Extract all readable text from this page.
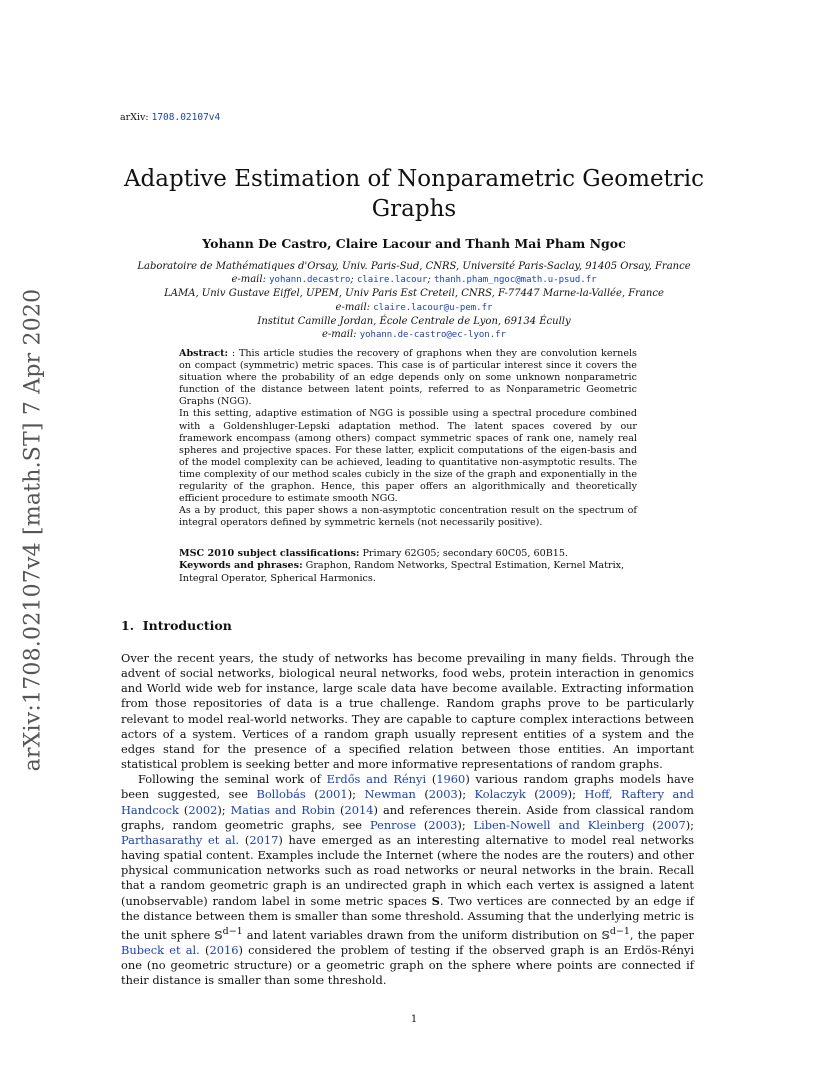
arXiv: 1708.02107v4
arXiv:1708.02107v4 [math.ST] 7 Apr 2020
Adaptive Estimation of Nonparametric Geometric
Graphs
Yohann De Castro, Claire Lacour and Thanh Mai Pham Ngoc
Laboratoire de Mathématiques d'Orsay, Univ. Paris-Sud, CNRS, Université Paris-Saclay, 91405 Orsay, France
e-mail: yohann.decastro; claire.lacour; thanh.pham_ngoc@math.u-psud.fr
LAMA, Univ Gustave Eiffel, UPEM, Univ Paris Est Creteil, CNRS, F-77447 Marne-la-Vallée, France
e-mail: claire.lacour@u-pem.fr
Institut Camille Jordan, École Centrale de Lyon, 69134 Écully
e-mail: yohann.de-castro@ec-lyon.fr

Abstract: : This article studies the recovery of graphons when they are convolution kernels on compact (symmetric) metric spaces. This case is of particular interest since it covers the situation where the probability of an edge depends only on some unknown nonparametric function of the distance between latent points, referred to as Nonparametric Geometric Graphs (NGG).

In this setting, adaptive estimation of NGG is possible using a spectral procedure combined with a Goldenshluger-Lepski adaptation method. The latent spaces covered by our framework encompass (among others) compact symmetric spaces of rank one, namely real spheres and projective spaces. For these latter, explicit computations of the eigen-basis and of the model complexity can be achieved, leading to quantitative non-asymptotic results. The time complexity of our method scales cubicly in the size of the graph and exponentially in the regularity of the graphon. Hence, this paper offers an algorithmically and theoretically efficient procedure to estimate smooth NGG.

As a by product, this paper shows a non-asymptotic concentration result on the spectrum of integral operators defined by symmetric kernels (not necessarily positive).

MSC 2010 subject classifications: Primary 62G05; secondary 60C05, 60B15.

Keywords and phrases: Graphon, Random Networks, Spectral Estimation, Kernel Matrix, Integral Operator, Spherical Harmonics.

1. Introduction

Over the recent years, the study of networks has become prevailing in many fields. Through the advent of social networks, biological neural networks, food webs, protein interaction in genomics and World wide web for instance, large scale data have become available. Extracting information from those repositories of data is a true challenge. Random graphs prove to be particularly relevant to model real-world networks. They are capable to capture complex interactions between actors of a system. Vertices of a random graph usually represent entities of a system and the edges stand for the presence of a specified relation between those entities. An important statistical problem is seeking better and more informative representations of random graphs.

Following the seminal work of Erdős and Rényi (1960) various random graphs models have been suggested, see Bollobás (2001); Newman (2003); Kolaczyk (2009); Hoff, Raftery and Handcock (2002); Matias and Robin (2014) and references therein. Aside from classical random graphs, random geometric graphs, see Penrose (2003); Liben-Nowell and Kleinberg (2007); Parthasarathy et al. (2017) have emerged as an interesting alternative to model real networks having spatial content. Examples include the Internet (where the nodes are the routers) and other physical communication networks such as road networks or neural networks in the brain. Recall that a random geometric graph is an undirected graph in which each vertex is assigned a latent (unobservable) random label in some metric spaces S. Two vertices are connected by an edge if the distance between them is smaller than some threshold. Assuming that the underlying metric is the unit sphere 𝕊$^{d-1}$ and latent variables drawn from the uniform distribution on 𝕊$^{d-1}$, the paper Bubeck et al. (2016) considered the problem of testing if the observed graph is an Erdös-Rényi one (no geometric structure) or a geometric graph on the sphere where points are connected if their distance is smaller than some threshold.

1
